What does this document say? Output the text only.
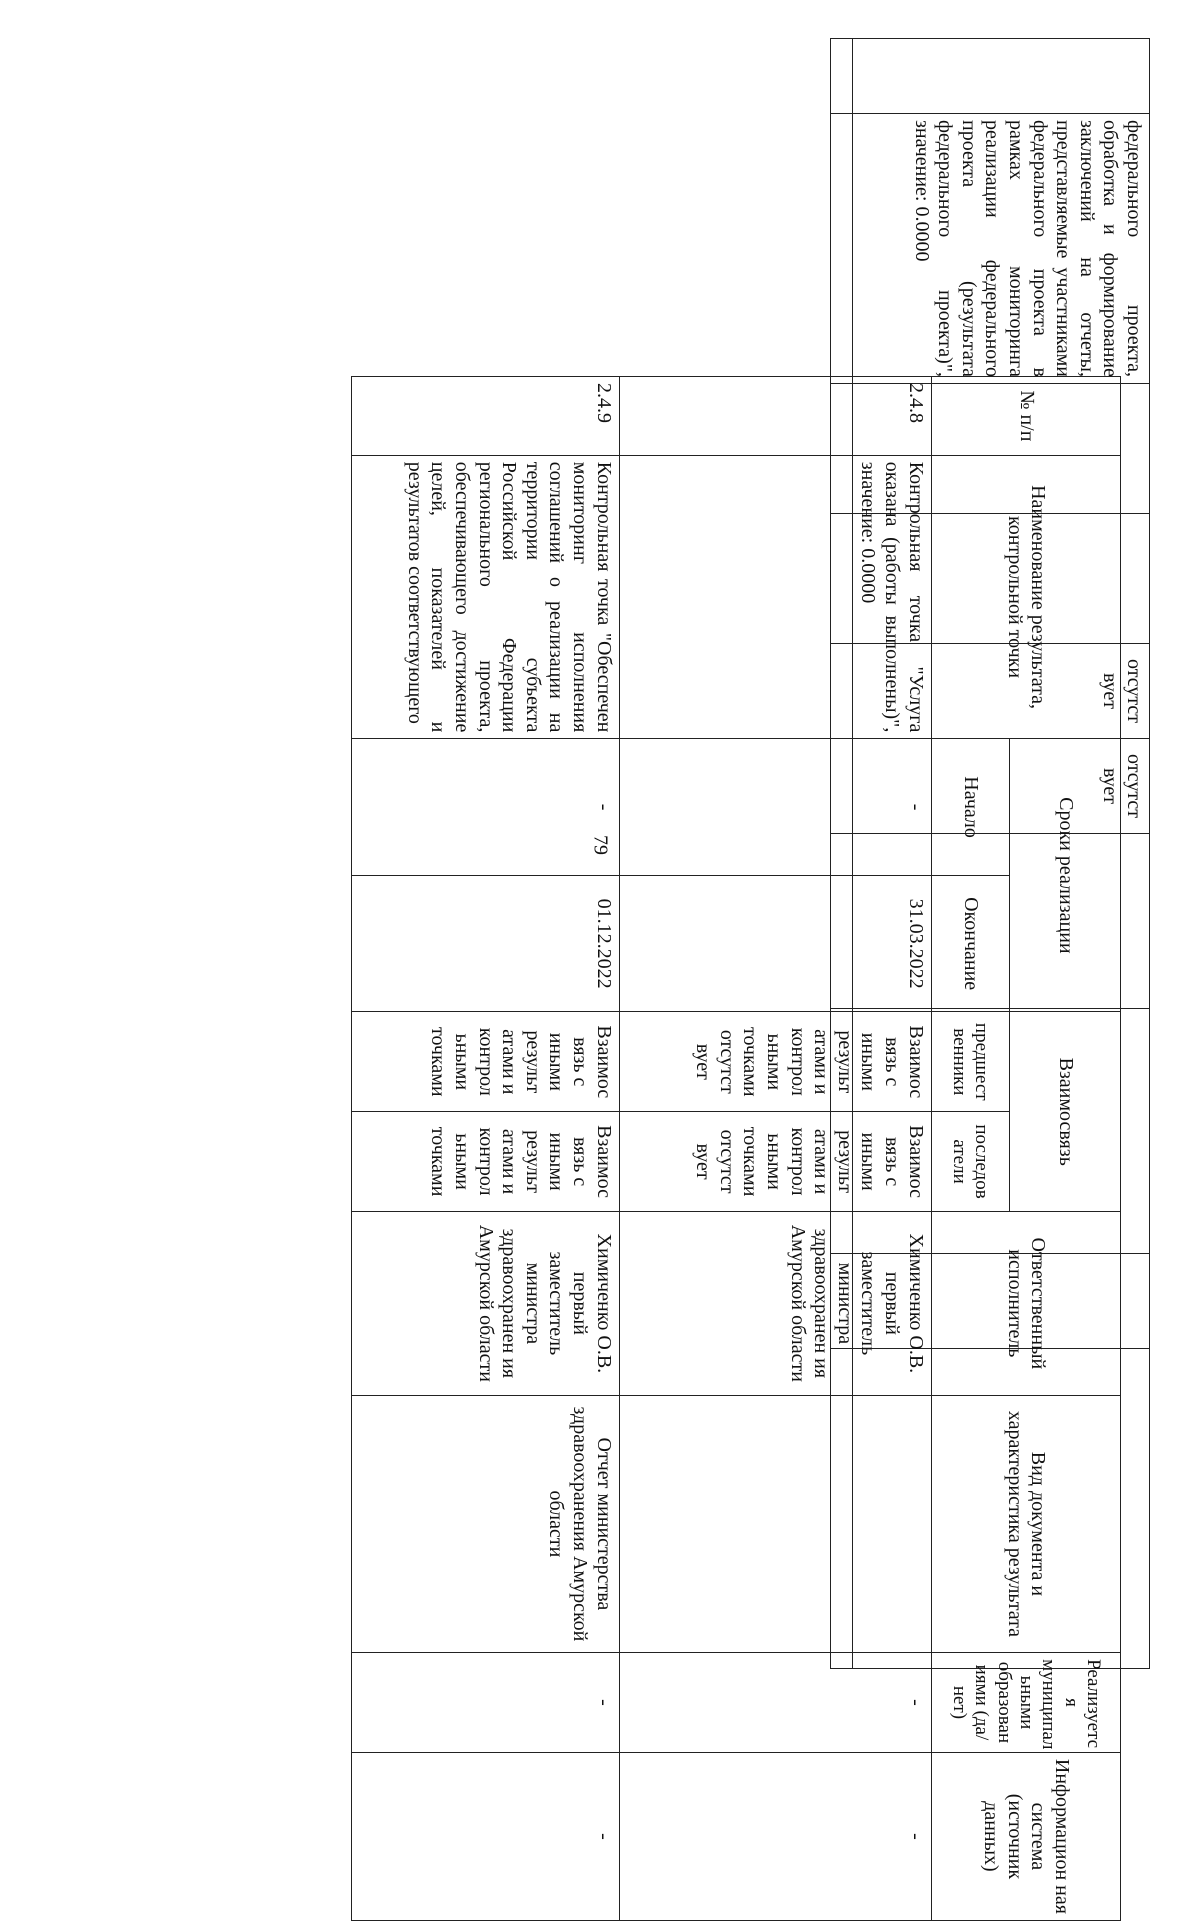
79
	федерального проекта, обработка и формирование заключений на отчеты, представляемые участниками федерального проекта в рамках мониторинга реализации федерального проекта (результата федерального проекта)", значение: 0.0000			отсутст вует	отсутст вует				

№ п/п	Наименование результата, контрольной точки	Сроки реализации		Взаимосвязь		Ответственный исполнитель	Вид документа и характеристика результата	Реализуетс я муниципал ьными образован иями (да/нет)	Информацион ная система (источник данных)
		Начало	Окончание	предшест венники	последов атели				
2.4.8	Контрольная точка "Услуга оказана (работы выполнены)", значение: 0.0000	-	31.03.2022	Взаимос вязь с иными результ атами и контрол ьными точками отсутст вует	Взаимос вязь с иными результ атами и контрол ьными точками отсутст вует	Химиченко О.В. первый заместитель министра здравоохранен ия Амурской области		-	-
2.4.9	Контрольная точка "Обеспечен мониторинг исполнения соглашений о реализации на территории субъекта Российской Федерации регионального проекта, обеспечивающего достижение целей, показателей и результатов соответствующего	-	01.12.2022	Взаимос вязь с иными результ атами и контрол ьными точками	Взаимос вязь с иными результ атами и контрол ьными точками	Химиченко О.В. первый заместитель министра здравоохранен ия Амурской области	Отчет министерства здравоохранения Амурской области	-	-
